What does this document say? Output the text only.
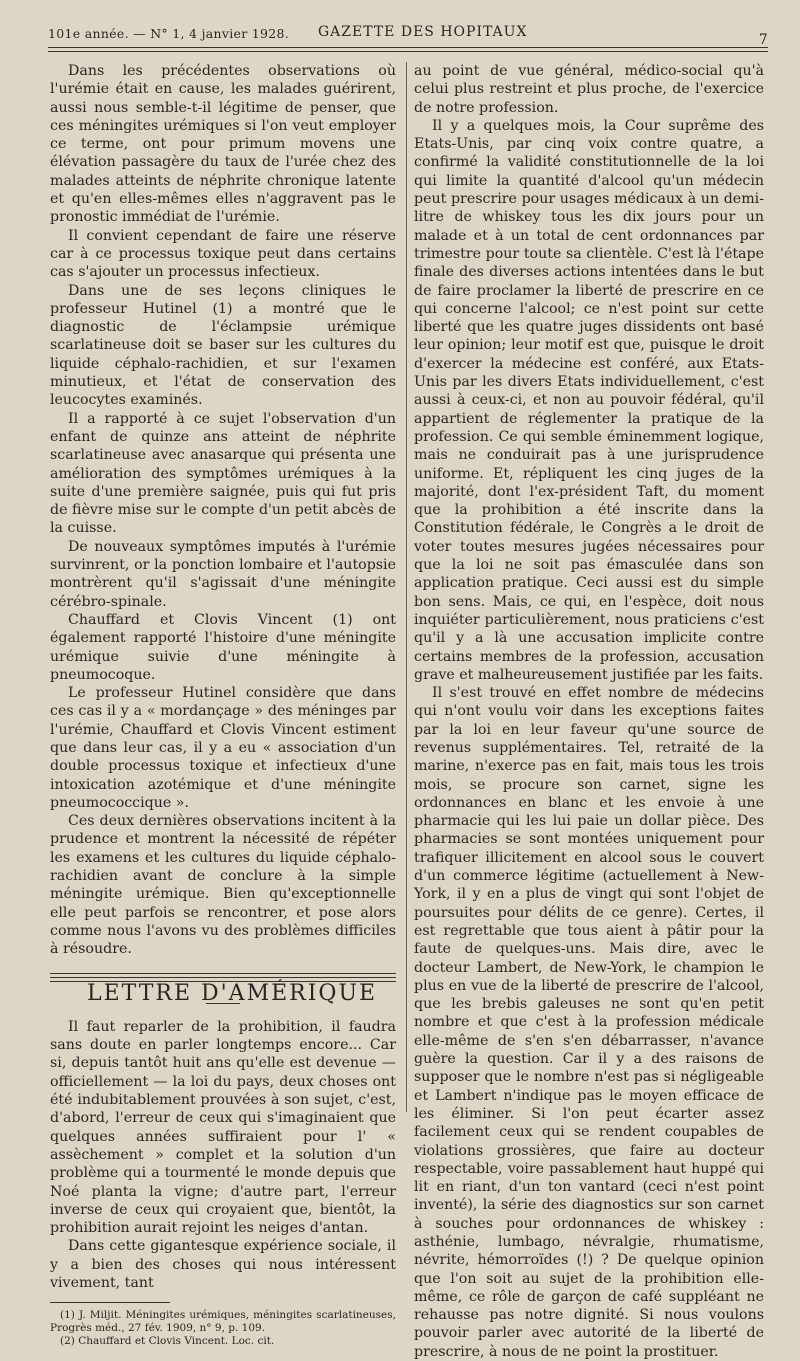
101e année. — N° 1, 4 janvier 1928. GAZETTE DES HOPITAUX	7

Dans les précédentes observations où l'urémie était en cause, les malades guérirent, aussi nous semble-t-il légitime de penser, que ces méningites urémiques si l'on veut employer ce terme, ont pour primum movens une élévation passagère du taux de l'urée chez des malades atteints de néphrite chronique latente et qu'en elles-mêmes elles n'aggravent pas le pronostic immédiat de l'urémie.

Il convient cependant de faire une réserve car à ce processus toxique peut dans certains cas s'ajouter un processus infectieux.

Dans une de ses leçons cliniques le professeur Hutinel (1) a montré que le diagnostic de l'éclampsie urémique scarlatineuse doit se baser sur les cultures du liquide céphalo-rachidien, et sur l'examen minutieux, et l'état de conservation des leucocytes examinés.

Il a rapporté à ce sujet l'observation d'un enfant de quinze ans atteint de néphrite scarlatineuse avec anasarque qui présenta une amélioration des symptômes urémiques à la suite d'une première saignée, puis qui fut pris de fièvre mise sur le compte d'un petit abcès de la cuisse.

De nouveaux symptômes imputés à l'urémie survinrent, or la ponction lombaire et l'autopsie montrèrent qu'il s'agissait d'une méningite cérébro-spinale.

Chauffard et Clovis Vincent (1) ont également rapporté l'histoire d'une méningite urémique suivie d'une méningite à pneumocoque.

Le professeur Hutinel considère que dans ces cas il y a « mordançage » des méninges par l'urémie, Chauffard et Clovis Vincent estiment que dans leur cas, il y a eu « association d'un double processus toxique et infectieux d'une intoxication azotémique et d'une méningite pneumococcique ».

Ces deux dernières observations incitent à la prudence et montrent la nécessité de répéter les examens et les cultures du liquide céphalo-rachidien avant de conclure à la simple méningite urémique. Bien qu'exceptionnelle elle peut parfois se rencontrer, et pose alors comme nous l'avons vu des problèmes difficiles à résoudre.

LETTRE D'AMÉRIQUE

Il faut reparler de la prohibition, il faudra sans doute en parler longtemps encore... Car si, depuis tantôt huit ans qu'elle est devenue — officiellement — la loi du pays, deux choses ont été indubitablement prouvées à son sujet, c'est, d'abord, l'erreur de ceux qui s'imaginaient que quelques années suffiraient pour l' « assèchement » complet et la solution d'un problème qui a tourmenté le monde depuis que Noé planta la vigne; d'autre part, l'erreur inverse de ceux qui croyaient que, bientôt, la prohibition aurait rejoint les neiges d'antan.

Dans cette gigantesque expérience sociale, il y a bien des choses qui nous intéressent vivement, tant

(1) J. Miljit. Méningites urémiques, méningites scarlatineuses, Progrès méd., 27 fév. 1909, n° 9, p. 109.

(2) Chauffard et Clovis Vincent. Loc. cit.

au point de vue général, médico-social qu'à celui plus restreint et plus proche, de l'exercice de notre profession.

Il y a quelques mois, la Cour suprême des Etats-Unis, par cinq voix contre quatre, a confirmé la validité constitutionnelle de la loi qui limite la quantité d'alcool qu'un médecin peut prescrire pour usages médicaux à un demi-litre de whiskey tous les dix jours pour un malade et à un total de cent ordonnances par trimestre pour toute sa clientèle. C'est là l'étape finale des diverses actions intentées dans le but de faire proclamer la liberté de prescrire en ce qui concerne l'alcool; ce n'est point sur cette liberté que les quatre juges dissidents ont basé leur opinion; leur motif est que, puisque le droit d'exercer la médecine est conféré, aux Etats-Unis par les divers Etats individuellement, c'est aussi à ceux-ci, et non au pouvoir fédéral, qu'il appartient de réglementer la pratique de la profession. Ce qui semble éminemment logique, mais ne conduirait pas à une jurisprudence uniforme. Et, répliquent les cinq juges de la majorité, dont l'ex-président Taft, du moment que la prohibition a été inscrite dans la Constitution fédérale, le Congrès a le droit de voter toutes mesures jugées nécessaires pour que la loi ne soit pas émasculée dans son application pratique. Ceci aussi est du simple bon sens. Mais, ce qui, en l'espèce, doit nous inquiéter particulièrement, nous praticiens c'est qu'il y a là une accusation implicite contre certains membres de la profession, accusation grave et malheureusement justifiée par les faits.

Il s'est trouvé en effet nombre de médecins qui n'ont voulu voir dans les exceptions faites par la loi en leur faveur qu'une source de revenus supplémentaires. Tel, retraité de la marine, n'exerce pas en fait, mais tous les trois mois, se procure son carnet, signe les ordonnances en blanc et les envoie à une pharmacie qui les lui paie un dollar pièce. Des pharmacies se sont montées uniquement pour trafiquer illicitement en alcool sous le couvert d'un commerce légitime (actuellement à New-York, il y en a plus de vingt qui sont l'objet de poursuites pour délits de ce genre). Certes, il est regrettable que tous aient à pâtir pour la faute de quelques-uns. Mais dire, avec le docteur Lambert, de New-York, le champion le plus en vue de la liberté de prescrire de l'alcool, que les brebis galeuses ne sont qu'en petit nombre et que c'est à la profession médicale elle-même de s'en s'en débarrasser, n'avance guère la question. Car il y a des raisons de supposer que le nombre n'est pas si négligeable et Lambert n'indique pas le moyen efficace de les éliminer. Si l'on peut écarter assez facilement ceux qui se rendent coupables de violations grossières, que faire au docteur respectable, voire passablement haut huppé qui lit en riant, d'un ton vantard (ceci n'est point inventé), la série des diagnostics sur son carnet à souches pour ordonnances de whiskey : asthénie, lumbago, névralgie, rhumatisme, névrite, hémorroïdes (!) ? De quelque opinion que l'on soit au sujet de la prohibition elle-même, ce rôle de garçon de café suppléant ne rehausse pas notre dignité. Si nous voulons pouvoir parler avec autorité de la liberté de prescrire, à nous de ne point la prostituer.
